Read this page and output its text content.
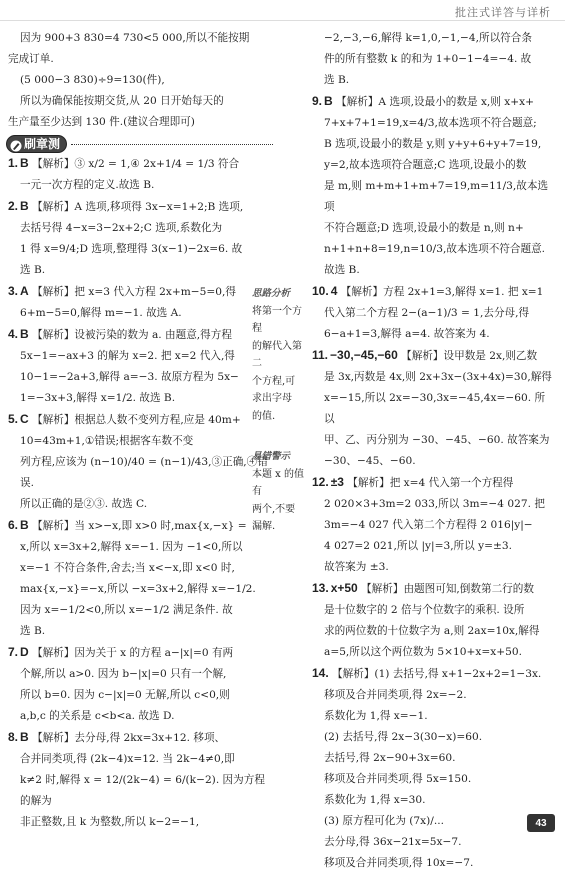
批注式详答与详析
因为 900+3 830=4 730<5 000,所以不能按期
完成订单.
(5 000−3 830)÷9=130(件),
所以为确保能按期交货,从 20 日开始每天的
生产量至少达到 130 件.(建议合理即可)
刷章测
1. B 【解析】③ x/2 = 1,④ 2x+1/4 = 1/3 符合
一元一次方程的定义.故选 B.
2. B 【解析】A 选项,移项得 3x−x=1+2;B 选项,
去括号得 4−x=3−2x+2;C 选项,系数化为
1 得 x=9/4;D 选项,整理得 3(x−1)−2x=6. 故
选 B.
3. A 【解析】把 x=3 代入方程 2x+m−5=0,得
6+m−5=0,解得 m=−1. 故选 A.
4. B 【解析】设被污染的数为 a. 由题意,得方程
5x−1=−ax+3 的解为 x=2. 把 x=2 代入,得
10−1=−2a+3,解得 a=−3. 故原方程为 5x−
1=−3x+3,解得 x=1/2. 故选 B.
5. C 【解析】根据总人数不变列方程,应是 40m+
10=43m+1,①错误;根据客车数不变
列方程,应该为 (n−10)/40 = (n−1)/43,③正确,④错误.
所以正确的是②③. 故选 C.
6. B 【解析】当 x>−x,即 x>0 时,max{x,−x} =
x,所以 x=3x+2,解得 x=−1. 因为 −1<0,所以
x=−1 不符合条件,舍去;当 x<−x,即 x<0 时,
max{x,−x}=−x,所以 −x=3x+2,解得 x=−1/2.
因为 x=−1/2<0,所以 x=−1/2 满足条件. 故
选 B.
7. D 【解析】因为关于 x 的方程 a−|x|=0 有两
个解,所以 a>0. 因为 b−|x|=0 只有一个解,
所以 b=0. 因为 c−|x|=0 无解,所以 c<0,则
a,b,c 的关系是 c<b<a. 故选 D.
8. B 【解析】去分母,得 2kx=3x+12. 移项、
合并同类项,得 (2k−4)x=12. 当 2k−4≠0,即
k≠2 时,解得 x = 12/(2k−4) = 6/(k−2). 因为方程的解为
非正整数,且 k 为整数,所以 k−2=−1,
思路分析
将第一个方程
的解代入第二
个方程,可
求出字母
的值.
易错警示
本题 x 的值有
两个,不要
漏解.
−2,−3,−6,解得 k=1,0,−1,−4,所以符合条
件的所有整数 k 的和为 1+0−1−4=−4. 故
选 B.
9. B 【解析】A 选项,设最小的数是 x,则 x+x+
7+x+7+1=19,x=4/3,故本选项不符合题意;
B 选项,设最小的数是 y,则 y+y+6+y+7=19,
y=2,故本选项符合题意;C 选项,设最小的数
是 m,则 m+m+1+m+7=19,m=11/3,故本选项
不符合题意;D 选项,设最小的数是 n,则 n+
n+1+n+8=19,n=10/3,故本选项不符合题意.
故选 B.
10. 4 【解析】方程 2x+1=3,解得 x=1. 把 x=1
代入第二个方程 2−(a−1)/3 = 1,去分母,得
6−a+1=3,解得 a=4. 故答案为 4.
11. −30,−45,−60 【解析】设甲数是 2x,则乙数
是 3x,丙数是 4x,则 2x+3x−(3x+4x)=30,解得
x=−15,所以 2x=−30,3x=−45,4x=−60. 所以
甲、乙、丙分别为 −30、−45、−60. 故答案为
−30、−45、−60.
12. ±3 【解析】把 x=4 代入第一个方程得
2 020×3+3m=2 033,所以 3m=−4 027. 把
3m=−4 027 代入第二个方程得 2 016|y|−
4 027=2 021,所以 |y|=3,所以 y=±3.
故答案为 ±3.
13. x+50 【解析】由题图可知,倒数第二行的数
是十位数字的 2 倍与个位数字的乘积. 设所
求的两位数的十位数字为 a,则 2ax=10x,解得
a=5,所以这个两位数为 5×10+x=x+50.
14. 【解析】(1) 去括号,得 x+1−2x+2=1−3x.
移项及合并同类项,得 2x=−2.
系数化为 1,得 x=−1.
(2) 去括号,得 2x−3(30−x)=60.
去括号,得 2x−90+3x=60.
移项及合并同类项,得 5x=150.
系数化为 1,得 x=30.
(3) 原方程可化为 (7x)/...
去分母,得 36x−21x=5x−7.
移项及合并同类项,得 10x=−7.
43
